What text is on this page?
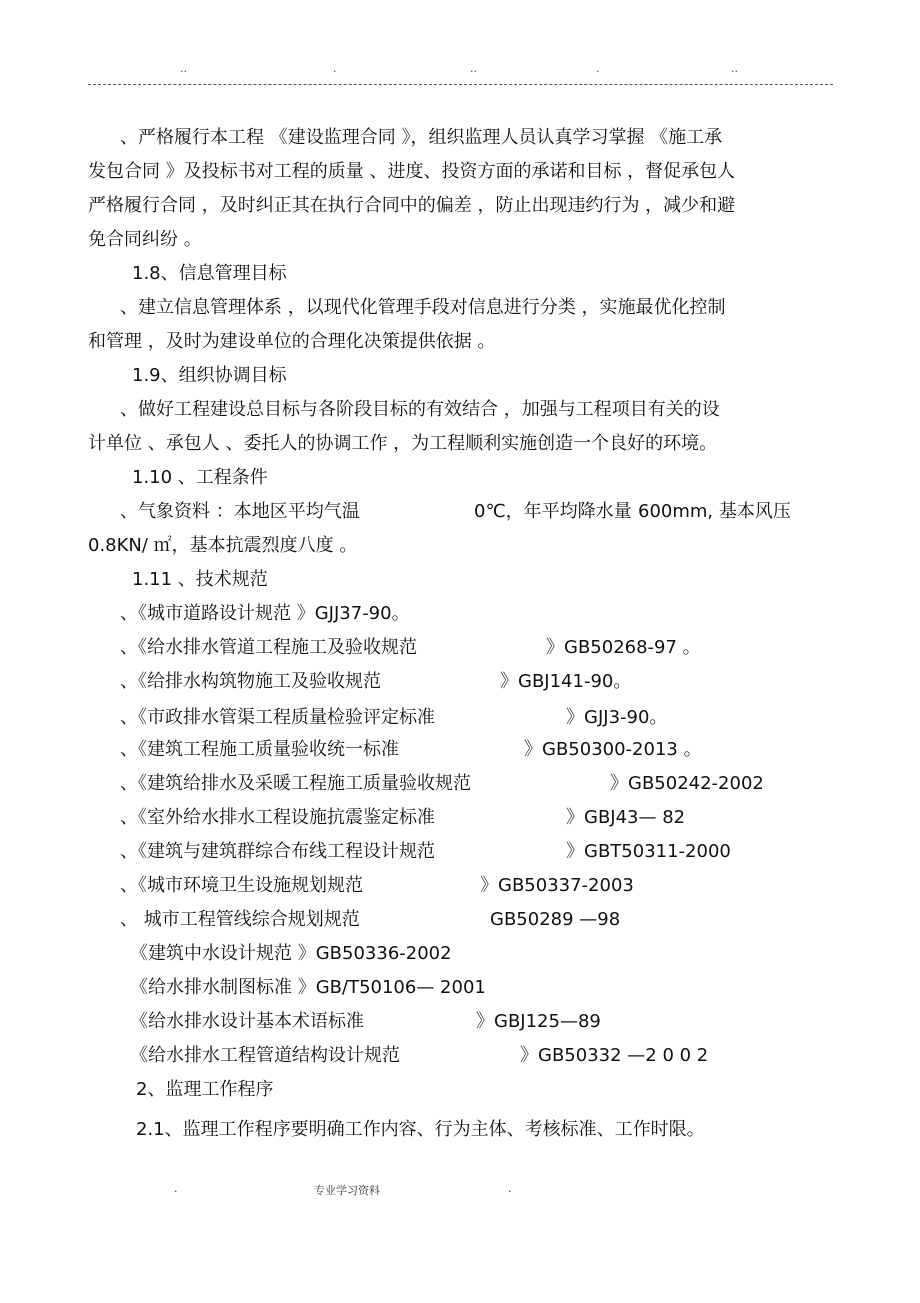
..	.	..	.	..
、严格履行本工程 《建设监理合同 》，组织监理人员认真学习掌握 《施工承
发包合同 》及投标书对工程的质量 、进度、投资方面的承诺和目标 ，督促承包人
严格履行合同 ，及时纠正其在执行合同中的偏差 ，防止出现违约行为 ，减少和避
免合同纠纷 。
1.8、信息管理目标
、建立信息管理体系 ，以现代化管理手段对信息进行分类 ，实施最优化控制
和管理 ，及时为建设单位的合理化决策提供依据 。
1.9、组织协调目标
、做好工程建设总目标与各阶段目标的有效结合 ，加强与工程项目有关的设
计单位 、承包人 、委托人的协调工作 ，为工程顺利实施创造一个良好的环境。
1.10 、工程条件
、气象资料 ：本地区平均气温	0℃，年平均降水量 600mm, 基本风压
0.8KN/ ㎡，基本抗震烈度八度 。
1.11 、技术规范
、《城市道路设计规范 》GJJ37-90。
、《给水排水管道工程施工及验收规范	》GB50268-97 。
、《给排水构筑物施工及验收规范	》GBJ141-90。
、《市政排水管渠工程质量检验评定标准	》GJJ3-90。
、《建筑工程施工质量验收统一标准	》GB50300-2013 。
、《建筑给排水及采暖工程施工质量验收规范	》GB50242-2002
、《室外给水排水工程设施抗震鉴定标准	》GBJ43— 82
、《建筑与建筑群综合布线工程设计规范	》GBT50311-2000
、《城市环境卫生设施规划规范	》GB50337-2003
、 城市工程管线综合规划规范	GB50289 —98
《建筑中水设计规范 》GB50336-2002
《给水排水制图标准 》GB/T50106— 2001
《给水排水设计基本术语标准	》GBJ125—89
《给水排水工程管道结构设计规范	》GB50332 —2 0 0 2
2、监理工作程序
2.1、监理工作程序要明确工作内容、行为主体、考核标准、工作时限。
.	专业学习资料	.
